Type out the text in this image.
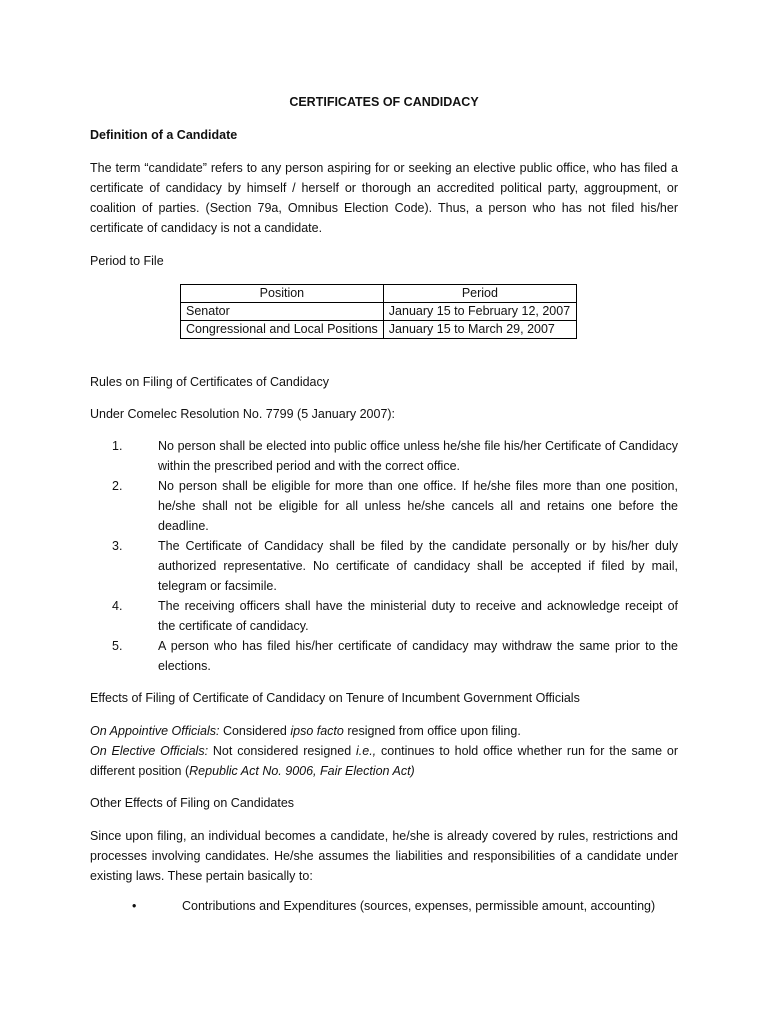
CERTIFICATES OF CANDIDACY
Definition of a Candidate
The term “candidate” refers to any person aspiring for or seeking an elective public office, who has filed a certificate of candidacy by himself / herself or thorough an accredited political party, aggroupment, or coalition of parties. (Section 79a, Omnibus Election Code). Thus, a person who has not filed his/her certificate of candidacy is not a candidate.
Period to File
Position	Period
Senator	January 15 to February 12, 2007
Congressional and Local Positions	January 15 to March 29, 2007
Rules on Filing of Certificates of Candidacy
Under Comelec Resolution No. 7799 (5 January 2007):
1.	No person shall be elected into public office unless he/she file his/her Certificate of Candidacy within the prescribed period and with the correct office.
2.	No person shall be eligible for more than one office. If he/she files more than one position, he/she shall not be eligible for all unless he/she cancels all and retains one before the deadline.
3.	The Certificate of Candidacy shall be filed by the candidate personally or by his/her duly authorized representative. No certificate of candidacy shall be accepted if filed by mail, telegram or facsimile.
4.	The receiving officers shall have the ministerial duty to receive and acknowledge receipt of the certificate of candidacy.
5.	A person who has filed his/her certificate of candidacy may withdraw the same prior to the elections.
Effects of Filing of Certificate of Candidacy on Tenure of Incumbent Government Officials
On Appointive Officials: Considered ipso facto resigned from office upon filing.
On Elective Officials: Not considered resigned i.e., continues to hold office whether run for the same or different position (Republic Act No. 9006, Fair Election Act)
Other Effects of Filing on Candidates
Since upon filing, an individual becomes a candidate, he/she is already covered by rules, restrictions and processes involving candidates. He/she assumes the liabilities and responsibilities of a candidate under existing laws. These pertain basically to:
•	Contributions and Expenditures (sources, expenses, permissible amount, accounting)
